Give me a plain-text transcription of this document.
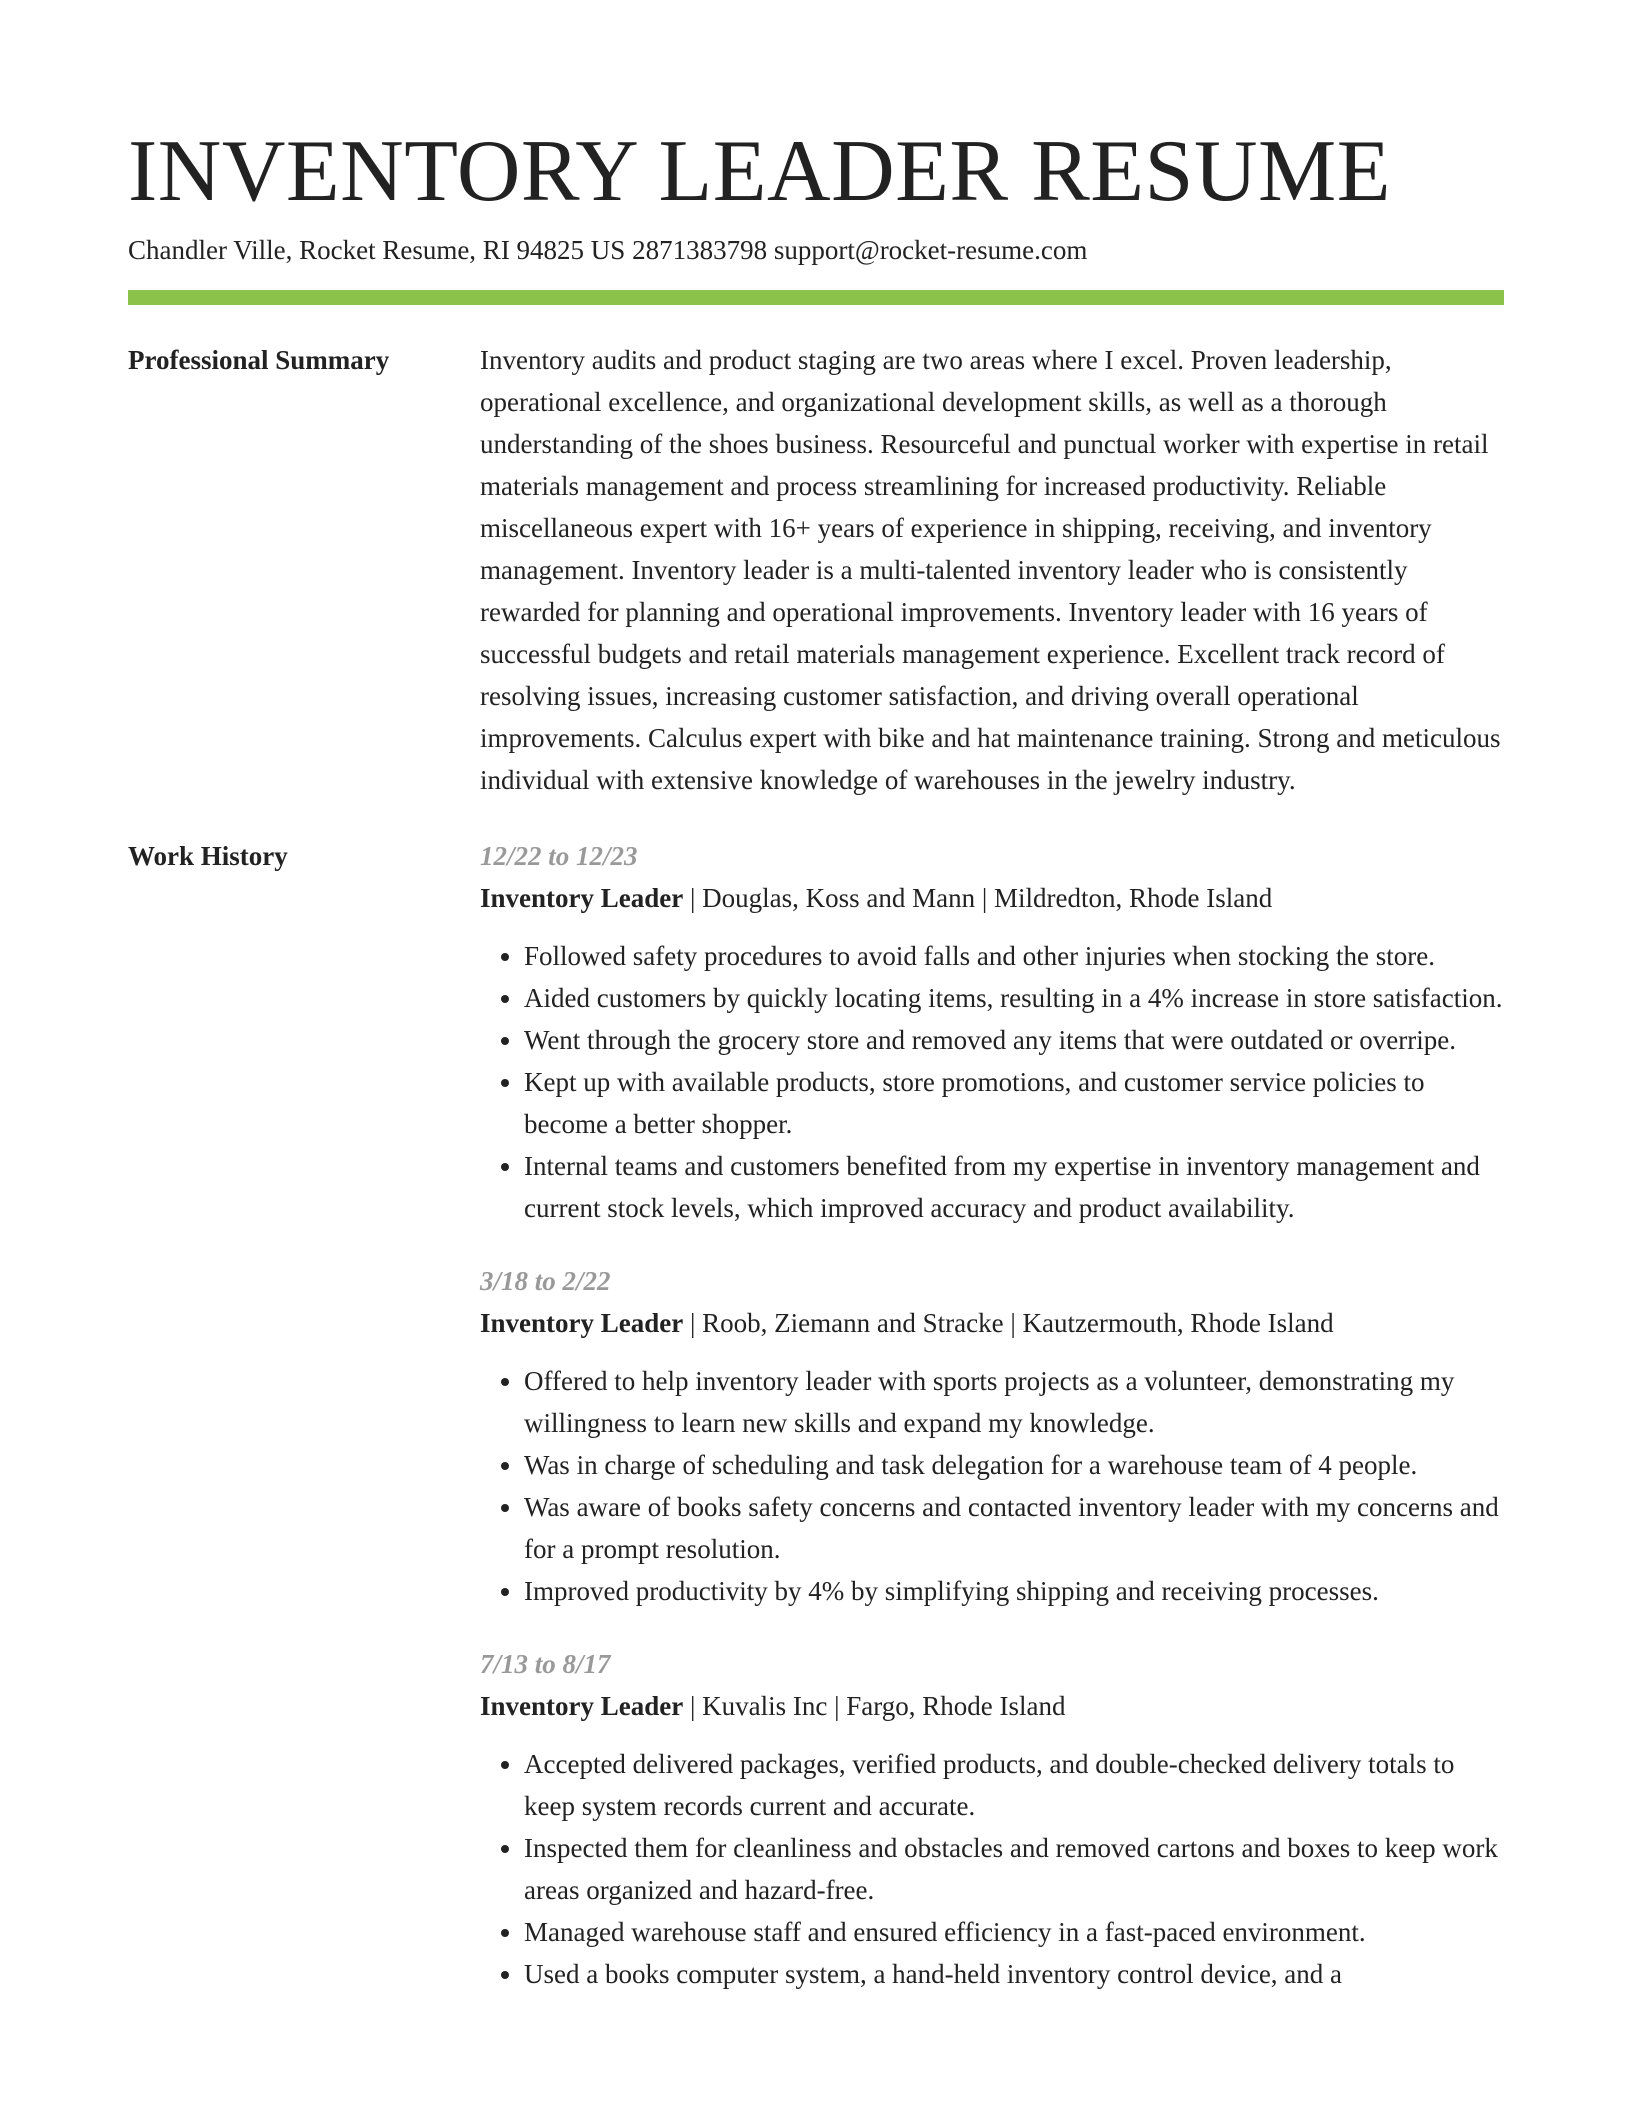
INVENTORY LEADER RESUME
Chandler Ville, Rocket Resume, RI 94825 US 2871383798 support@rocket-resume.com
Professional Summary	Inventory audits and product staging are two areas where I excel. Proven leadership, operational excellence, and organizational development skills, as well as a thorough understanding of the shoes business. Resourceful and punctual worker with expertise in retail materials management and process streamlining for increased productivity. Reliable miscellaneous expert with 16+ years of experience in shipping, receiving, and inventory management. Inventory leader is a multi-talented inventory leader who is consistently rewarded for planning and operational improvements. Inventory leader with 16 years of successful budgets and retail materials management experience. Excellent track record of resolving issues, increasing customer satisfaction, and driving overall operational improvements. Calculus expert with bike and hat maintenance training. Strong and meticulous individual with extensive knowledge of warehouses in the jewelry industry.

Work History	12/22 to 12/23
Inventory Leader | Douglas, Koss and Mann | Mildredton, Rhode Island
• Followed safety procedures to avoid falls and other injuries when stocking the store.
• Aided customers by quickly locating items, resulting in a 4% increase in store satisfaction.
• Went through the grocery store and removed any items that were outdated or overripe.
• Kept up with available products, store promotions, and customer service policies to become a better shopper.
• Internal teams and customers benefited from my expertise in inventory management and current stock levels, which improved accuracy and product availability.
3/18 to 2/22
Inventory Leader | Roob, Ziemann and Stracke | Kautzermouth, Rhode Island
• Offered to help inventory leader with sports projects as a volunteer, demonstrating my willingness to learn new skills and expand my knowledge.
• Was in charge of scheduling and task delegation for a warehouse team of 4 people.
• Was aware of books safety concerns and contacted inventory leader with my concerns and for a prompt resolution.
• Improved productivity by 4% by simplifying shipping and receiving processes.
7/13 to 8/17
Inventory Leader | Kuvalis Inc | Fargo, Rhode Island
• Accepted delivered packages, verified products, and double-checked delivery totals to keep system records current and accurate.
• Inspected them for cleanliness and obstacles and removed cartons and boxes to keep work areas organized and hazard-free.
• Managed warehouse staff and ensured efficiency in a fast-paced environment.
• Used a books computer system, a hand-held inventory control device, and a
